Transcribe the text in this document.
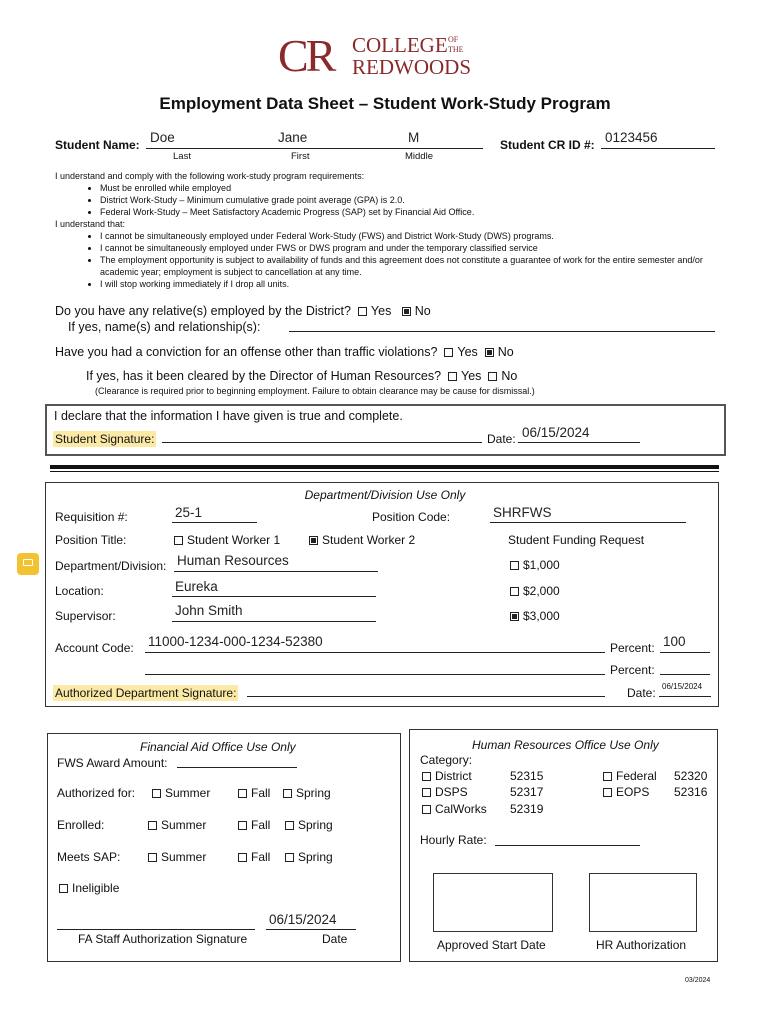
CR COLLEGE OF
THE
REDWOODS
Employment Data Sheet – Student Work-Study Program
Student Name: Doe	Jane	M
Last	First	Middle
Student CR ID #: 0123456
I understand and comply with the following work-study program requirements:
• Must be enrolled while employed
• District Work-Study – Minimum cumulative grade point average (GPA) is 2.0.
• Federal Work-Study – Meet Satisfactory Academic Progress (SAP) set by Financial Aid Office.
I understand that:
• I cannot be simultaneously employed under Federal Work-Study (FWS) and District Work-Study (DWS) programs.
• I cannot be simultaneously employed under FWS or DWS program and under the temporary classified service
• The employment opportunity is subject to availability of funds and this agreement does not constitute a guarantee of work for the entire semester and/or academic year; employment is subject to cancellation at any time.
• I will stop working immediately if I drop all units.
Do you have any relative(s) employed by the District? Yes No
If yes, name(s) and relationship(s):
Have you had a conviction for an offense other than traffic violations? Yes No
If yes, has it been cleared by the Director of Human Resources? Yes No
(Clearance is required prior to beginning employment. Failure to obtain clearance may be cause for dismissal.)
I declare that the information I have given is true and complete.
Student Signature:	Date: 06/15/2024
Department/Division Use Only
Requisition #:	25-1	Position Code:	SHRFWS
Position Title:	Student Worker 1	Student Worker 2	Student Funding Request
Department/Division: Human Resources	$1,000
Location:	Eureka	$2,000
Supervisor:	John Smith	$3,000
Account Code: 11000-1234-000-1234-52380	Percent: 100
Percent:
Authorized Department Signature:	Date: 06/15/2024
Financial Aid Office Use Only
FWS Award Amount:
Authorized for:	Summer	Fall	Spring
Enrolled:	Summer	Fall	Spring
Meets SAP:	Summer	Fall	Spring
Ineligible
06/15/2024
FA Staff Authorization Signature	Date
Human Resources Office Use Only
Category:
District	52315	Federal 52320
DSPS	52317	EOPS 52316
CalWorks 52319
Hourly Rate:
Approved Start Date	HR Authorization
03/2024
